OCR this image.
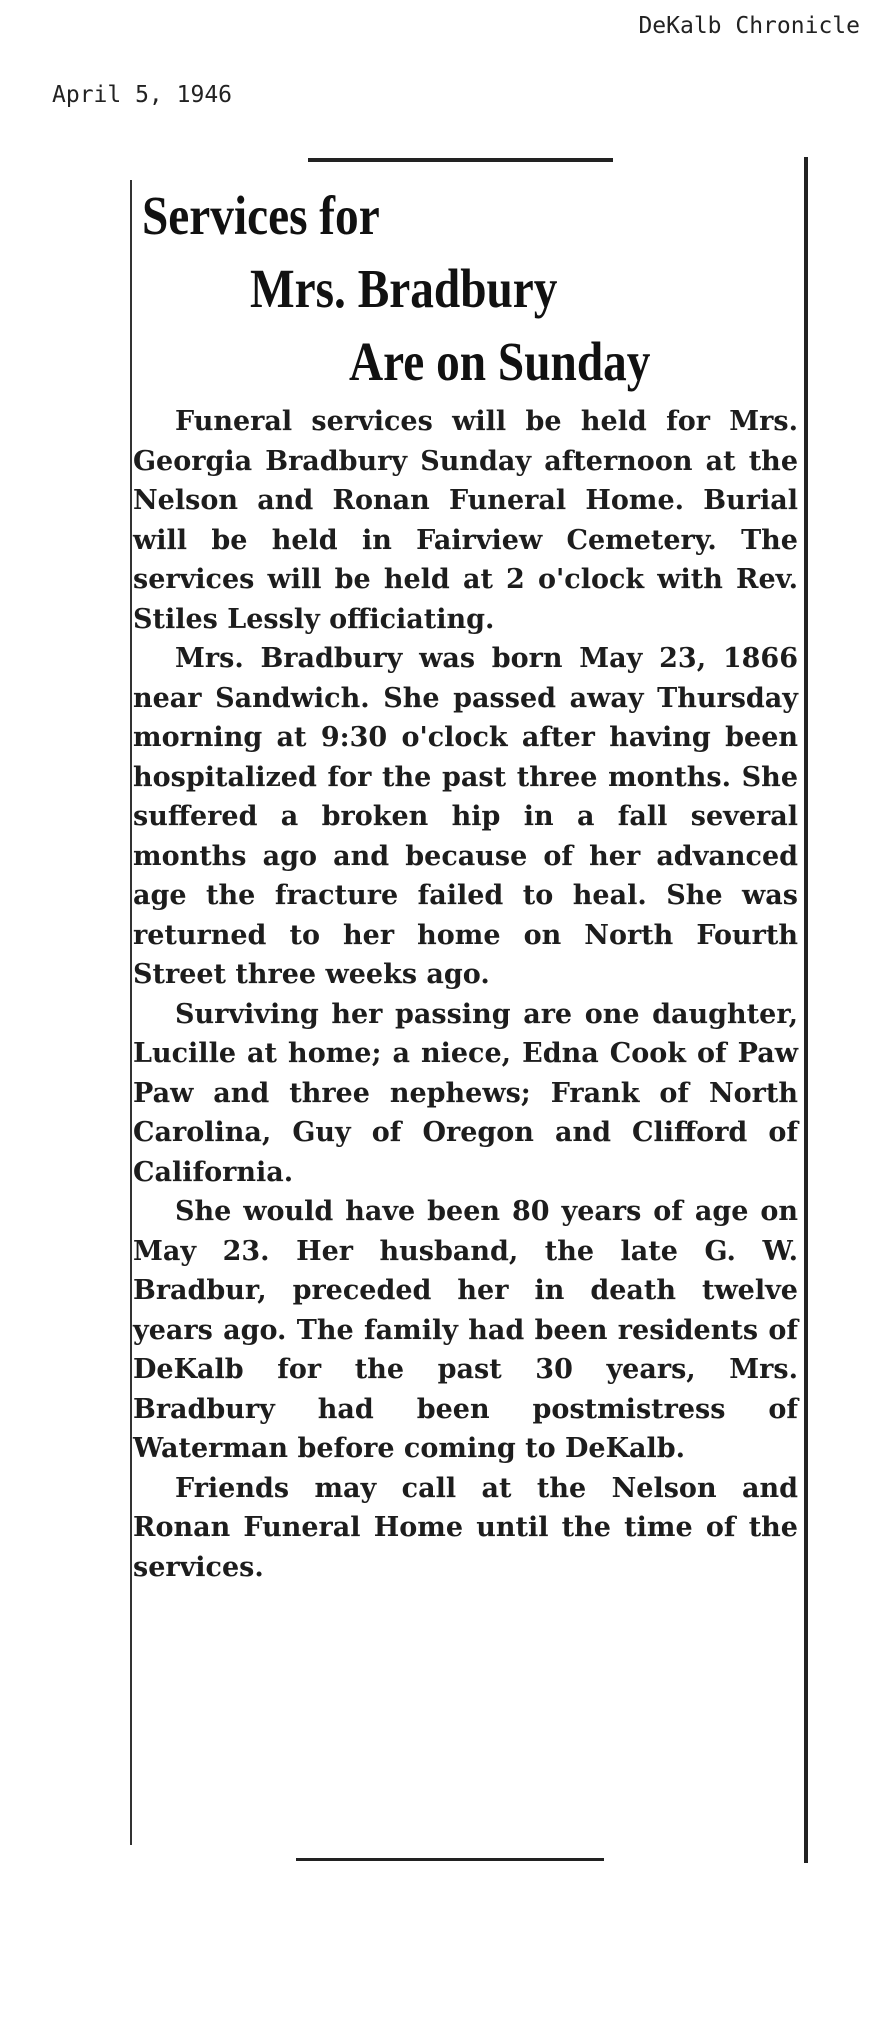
DeKalb Chronicle
April 5, 1946
Services for
Mrs. Bradbury
Are on Sunday

Funeral services will be held for Mrs. Georgia Bradbury Sunday afternoon at the Nelson and Ronan Funeral Home. Burial will be held in Fairview Cemetery. The services will be held at 2 o'clock with Rev. Stiles Lessly officiating.

Mrs. Bradbury was born May 23, 1866 near Sandwich. She passed away Thursday morning at 9:30 o'clock after having been hospitalized for the past three months. She suffered a broken hip in a fall several months ago and because of her advanced age the fracture failed to heal. She was returned to her home on North Fourth Street three weeks ago.

Surviving her passing are one daughter, Lucille at home; a niece, Edna Cook of Paw Paw and three nephews; Frank of North Carolina, Guy of Oregon and Clifford of California.

She would have been 80 years of age on May 23. Her husband, the late G. W. Bradbur, preceded her in death twelve years ago. The family had been residents of DeKalb for the past 30 years, Mrs. Bradbury had been postmistress of Waterman before coming to DeKalb.

Friends may call at the Nelson and Ronan Funeral Home until the time of the services.
